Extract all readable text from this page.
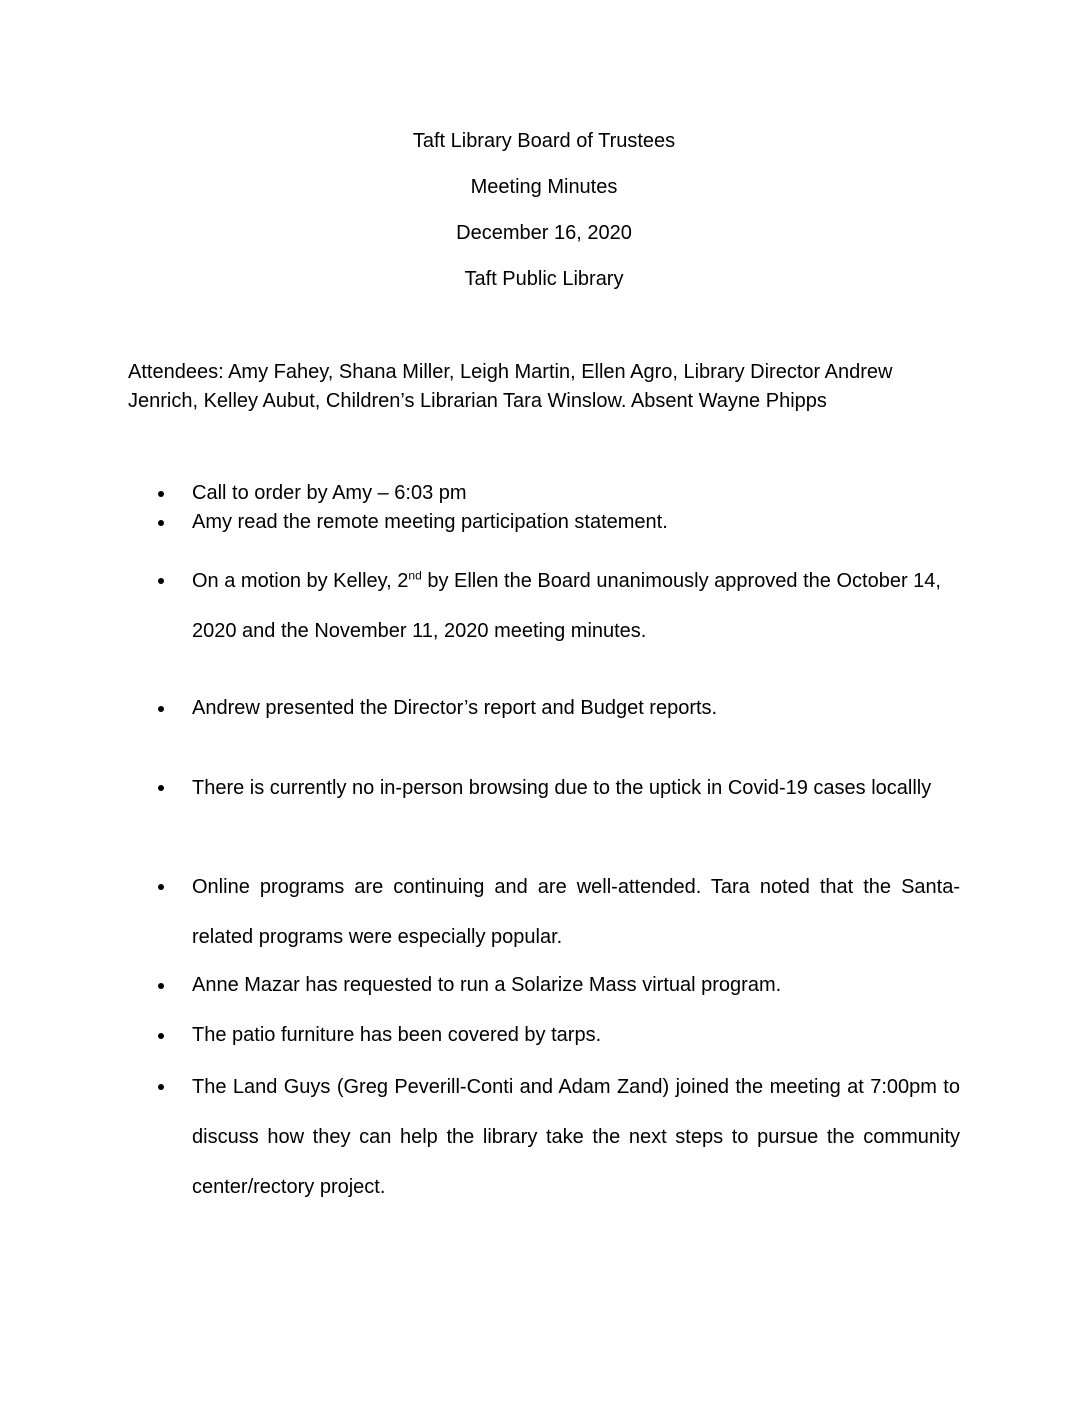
Taft Library Board of Trustees
Meeting Minutes
December 16, 2020
Taft Public Library
Attendees: Amy Fahey, Shana Miller, Leigh Martin, Ellen Agro, Library Director Andrew Jenrich, Kelley Aubut, Children’s Librarian Tara Winslow. Absent Wayne Phipps
Call to order by Amy – 6:03 pm
Amy read the remote meeting participation statement.
On a motion by Kelley, 2nd by Ellen the Board unanimously approved the October 14, 2020 and the November 11, 2020 meeting minutes.
Andrew presented the Director’s report and Budget reports.
There is currently no in-person browsing due to the uptick in Covid-19 cases locallly
Online programs are continuing and are well-attended. Tara noted that the Santa-related programs were especially popular.
Anne Mazar has requested to run a Solarize Mass virtual program.
The patio furniture has been covered by tarps.
The Land Guys (Greg Peverill-Conti and Adam Zand) joined the meeting at 7:00pm to discuss how they can help the library take the next steps to pursue the community center/rectory project.
